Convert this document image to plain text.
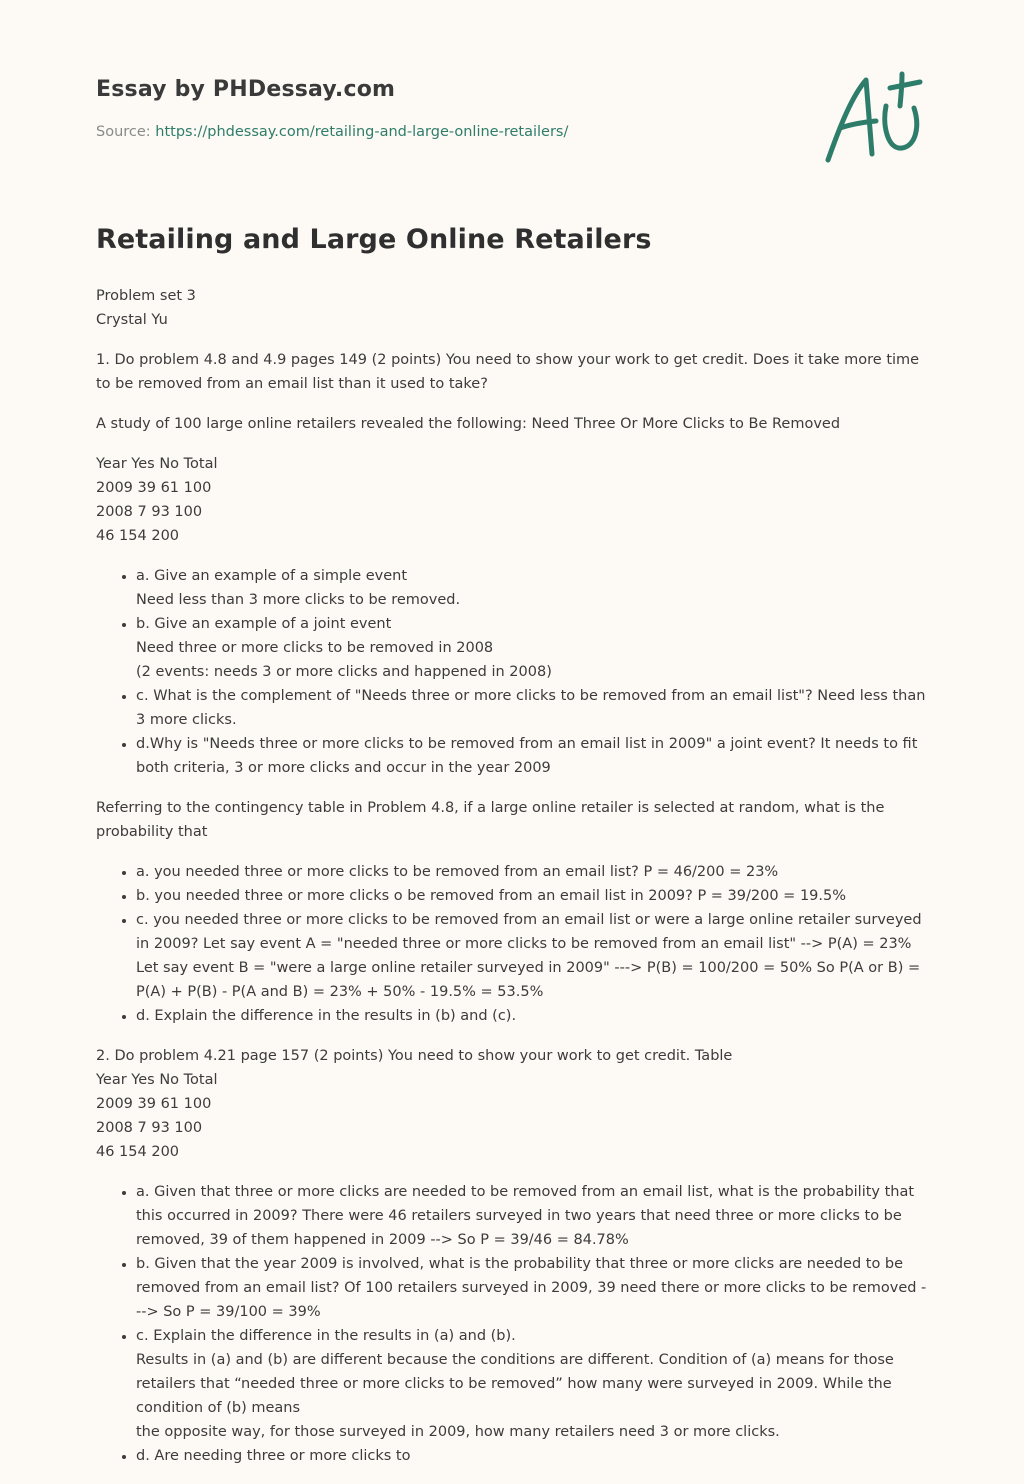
Essay by PHDessay.com
Source: https://phdessay.com/retailing-and-large-online-retailers/
Retailing and Large Online Retailers

Problem set 3
Crystal Yu

1. Do problem 4.8 and 4.9 pages 149 (2 points) You need to show your work to get credit. Does it take more time to be removed from an email list than it used to take?

A study of 100 large online retailers revealed the following: Need Three Or More Clicks to Be Removed

Year Yes No Total
2009 39 61 100
2008 7 93 100
46 154 200

• a. Give an example of a simple event
Need less than 3 more clicks to be removed.
• b. Give an example of a joint event
Need three or more clicks to be removed in 2008
(2 events: needs 3 or more clicks and happened in 2008)
• c. What is the complement of "Needs three or more clicks to be removed from an email list"? Need less than 3 more clicks.
• d.Why is "Needs three or more clicks to be removed from an email list in 2009" a joint event? It needs to fit both criteria, 3 or more clicks and occur in the year 2009

Referring to the contingency table in Problem 4.8, if a large online retailer is selected at random, what is the probability that

• a. you needed three or more clicks to be removed from an email list? P = 46/200 = 23%
• b. you needed three or more clicks o be removed from an email list in 2009? P = 39/200 = 19.5%
• c. you needed three or more clicks to be removed from an email list or were a large online retailer surveyed in 2009? Let say event A = "needed three or more clicks to be removed from an email list" --> P(A) = 23% Let say event B = "were a large online retailer surveyed in 2009" ---> P(B) = 100/200 = 50% So P(A or B) = P(A) + P(B) - P(A and B) = 23% + 50% - 19.5% = 53.5%
• d. Explain the difference in the results in (b) and (c).

2. Do problem 4.21 page 157 (2 points) You need to show your work to get credit. Table
Year Yes No Total
2009 39 61 100
2008 7 93 100
46 154 200

• a. Given that three or more clicks are needed to be removed from an email list, what is the probability that this occurred in 2009? There were 46 retailers surveyed in two years that need three or more clicks to be removed, 39 of them happened in 2009 --> So P = 39/46 = 84.78%
• b. Given that the year 2009 is involved, what is the probability that three or more clicks are needed to be removed from an email list? Of 100 retailers surveyed in 2009, 39 need there or more clicks to be removed ---> So P = 39/100 = 39%
• c. Explain the difference in the results in (a) and (b).
Results in (a) and (b) are different because the conditions are different. Condition of (a) means for those retailers that “needed three or more clicks to be removed” how many were surveyed in 2009. While the condition of (b) means
the opposite way, for those surveyed in 2009, how many retailers need 3 or more clicks.
• d. Are needing three or more clicks to
